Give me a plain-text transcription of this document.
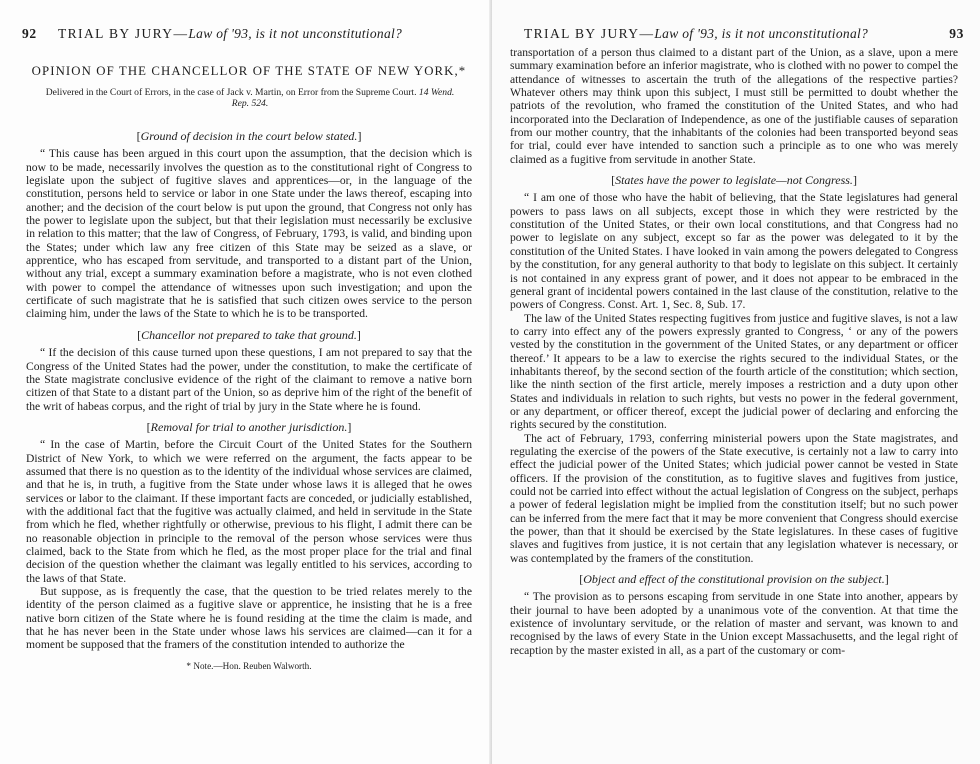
92 TRIAL BY JURY—Law of '93, is it not unconstitutional?
OPINION OF THE CHANCELLOR OF THE STATE OF NEW YORK,*
Delivered in the Court of Errors, in the case of Jack v. Martin, on Error from the Supreme Court. 14 Wend. Rep. 524.
[Ground of decision in the court below stated.]

“ This cause has been argued in this court upon the assumption, that the decision which is now to be made, necessarily involves the question as to the constitutional right of Congress to legislate upon the subject of fugitive slaves and apprentices—or, in the language of the constitution, persons held to service or labor in one State under the laws thereof, escaping into another; and the decision of the court below is put upon the ground, that Congress not only has the power to legislate upon the subject, but that their legislation must necessarily be exclusive in relation to this matter; that the law of Congress, of February, 1793, is valid, and binding upon the States; under which law any free citizen of this State may be seized as a slave, or apprentice, who has escaped from servitude, and transported to a distant part of the Union, without any trial, except a summary examination before a magistrate, who is not even clothed with power to compel the attendance of witnesses upon such investigation; and upon the certificate of such magistrate that he is satisfied that such citizen owes service to the person claiming him, under the laws of the State to which he is to be transported.

[Chancellor not prepared to take that ground.]

“ If the decision of this cause turned upon these questions, I am not prepared to say that the Congress of the United States had the power, under the constitution, to make the certificate of the State magistrate conclusive evidence of the right of the claimant to remove a native born citizen of that State to a distant part of the Union, so as deprive him of the right of the benefit of the writ of habeas corpus, and the right of trial by jury in the State where he is found.

[Removal for trial to another jurisdiction.]

“ In the case of Martin, before the Circuit Court of the United States for the Southern District of New York, to which we were referred on the argument, the facts appear to be assumed that there is no question as to the identity of the individual whose services are claimed, and that he is, in truth, a fugitive from the State under whose laws it is alleged that he owes services or labor to the claimant. If these important facts are conceded, or judicially established, with the additional fact that the fugitive was actually claimed, and held in servitude in the State from which he fled, whether rightfully or otherwise, previous to his flight, I admit there can be no reasonable objection in principle to the removal of the person whose services were thus claimed, back to the State from which he fled, as the most proper place for the trial and final decision of the question whether the claimant was legally entitled to his services, according to the laws of that State.

But suppose, as is frequently the case, that the question to be tried relates merely to the identity of the person claimed as a fugitive slave or apprentice, he insisting that he is a free native born citizen of the State where he is found residing at the time the claim is made, and that he has never been in the State under whose laws his services are claimed—can it for a moment be supposed that the framers of the constitution intended to authorize the

* Note.—Hon. Reuben Walworth.
TRIAL BY JURY—Law of '93, is it not unconstitutional?	93

transportation of a person thus claimed to a distant part of the Union, as a slave, upon a mere summary examination before an inferior magistrate, who is clothed with no power to compel the attendance of witnesses to ascertain the truth of the allegations of the respective parties? Whatever others may think upon this subject, I must still be permitted to doubt whether the patriots of the revolution, who framed the constitution of the United States, and who had incorporated into the Declaration of Independence, as one of the justifiable causes of separation from our mother country, that the inhabitants of the colonies had been transported beyond seas for trial, could ever have intended to sanction such a principle as to one who was merely claimed as a fugitive from servitude in another State.

[States have the power to legislate—not Congress.]

“ I am one of those who have the habit of believing, that the State legislatures had general powers to pass laws on all subjects, except those in which they were restricted by the constitution of the United States, or their own local constitutions, and that Congress had no power to legislate on any subject, except so far as the power was delegated to it by the constitution of the United States. I have looked in vain among the powers delegated to Congress by the constitution, for any general authority to that body to legislate on this subject. It certainly is not contained in any express grant of power, and it does not appear to be embraced in the general grant of incidental powers contained in the last clause of the constitution, relative to the powers of Congress. Const. Art. 1, Sec. 8, Sub. 17.

The law of the United States respecting fugitives from justice and fugitive slaves, is not a law to carry into effect any of the powers expressly granted to Congress, ‘ or any of the powers vested by the constitution in the government of the United States, or any department or officer thereof.’ It appears to be a law to exercise the rights secured to the individual States, or the inhabitants thereof, by the second section of the fourth article of the constitution; which section, like the ninth section of the first article, merely imposes a restriction and a duty upon other States and individuals in relation to such rights, but vests no power in the federal government, or any department, or officer thereof, except the judicial power of declaring and enforcing the rights secured by the constitution.

The act of February, 1793, conferring ministerial powers upon the State magistrates, and regulating the exercise of the powers of the State executive, is certainly not a law to carry into effect the judicial power of the United States; which judicial power cannot be vested in State officers. If the provision of the constitution, as to fugitive slaves and fugitives from justice, could not be carried into effect without the actual legislation of Congress on the subject, perhaps a power of federal legislation might be implied from the constitution itself; but no such power can be inferred from the mere fact that it may be more convenient that Congress should exercise the power, than that it should be exercised by the State legislatures. In these cases of fugitive slaves and fugitives from justice, it is not certain that any legislation whatever is necessary, or was contemplated by the framers of the constitution.

[Object and effect of the constitutional provision on the subject.]

“ The provision as to persons escaping from servitude in one State into another, appears by their journal to have been adopted by a unanimous vote of the convention. At that time the existence of involuntary servitude, or the relation of master and servant, was known to and recognised by the laws of every State in the Union except Massachusetts, and the legal right of recaption by the master existed in all, as a part of the customary or com-
